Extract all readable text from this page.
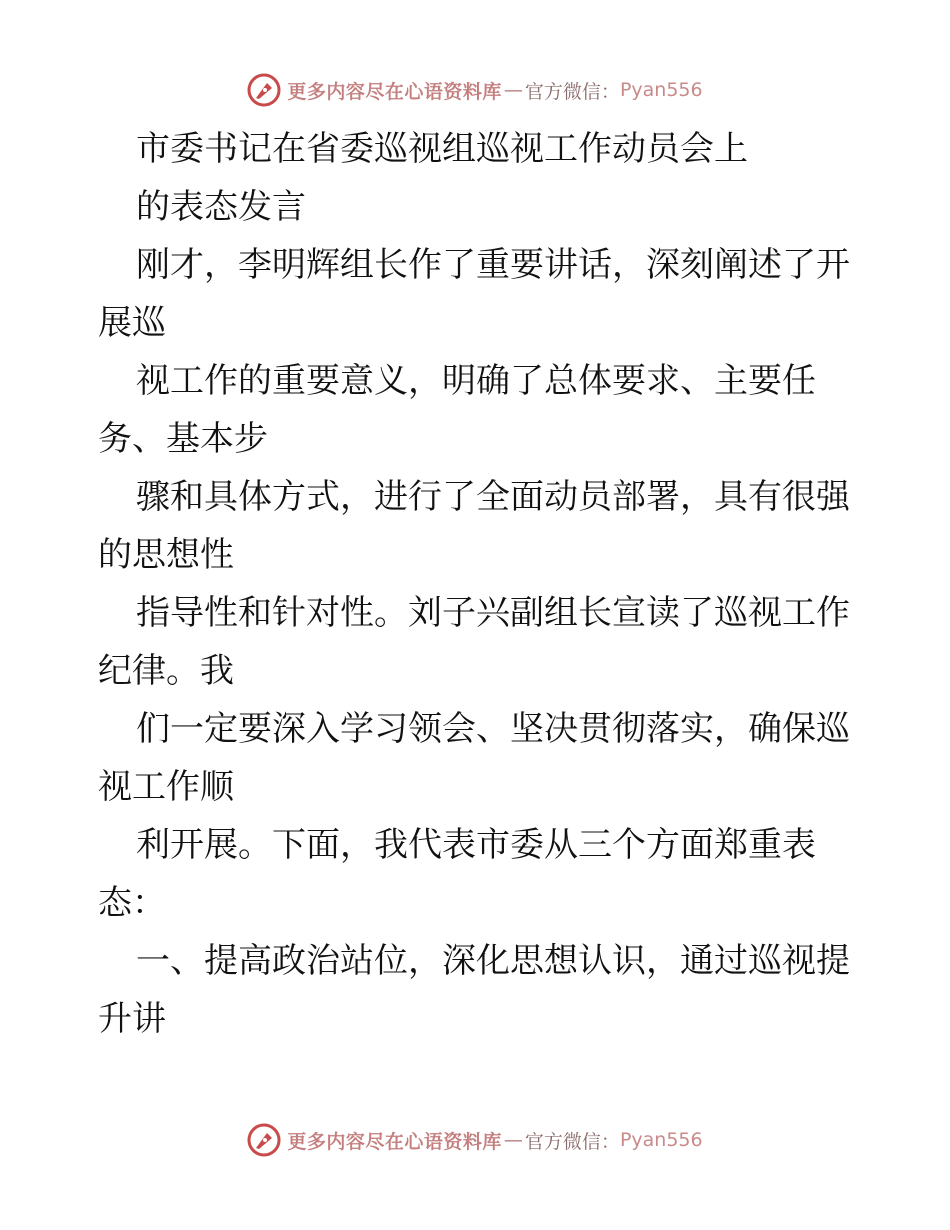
更多内容尽在心语资料库 — 官方微信： Pyan556
市委书记在省委巡视组巡视工作动员会上
的表态发言
刚才，李明辉组长作了重要讲话，深刻阐述了开
展巡
视工作的重要意义，明确了总体要求、主要任
务、基本步
骤和具体方式，进行了全面动员部署，具有很强
的思想性
指导性和针对性。刘子兴副组长宣读了巡视工作
纪律。我
们一定要深入学习领会、坚决贯彻落实，确保巡
视工作顺
利开展。下面，我代表市委从三个方面郑重表
态：
一、提高政治站位，深化思想认识，通过巡视提
升讲
更多内容尽在心语资料库 — 官方微信： Pyan556
